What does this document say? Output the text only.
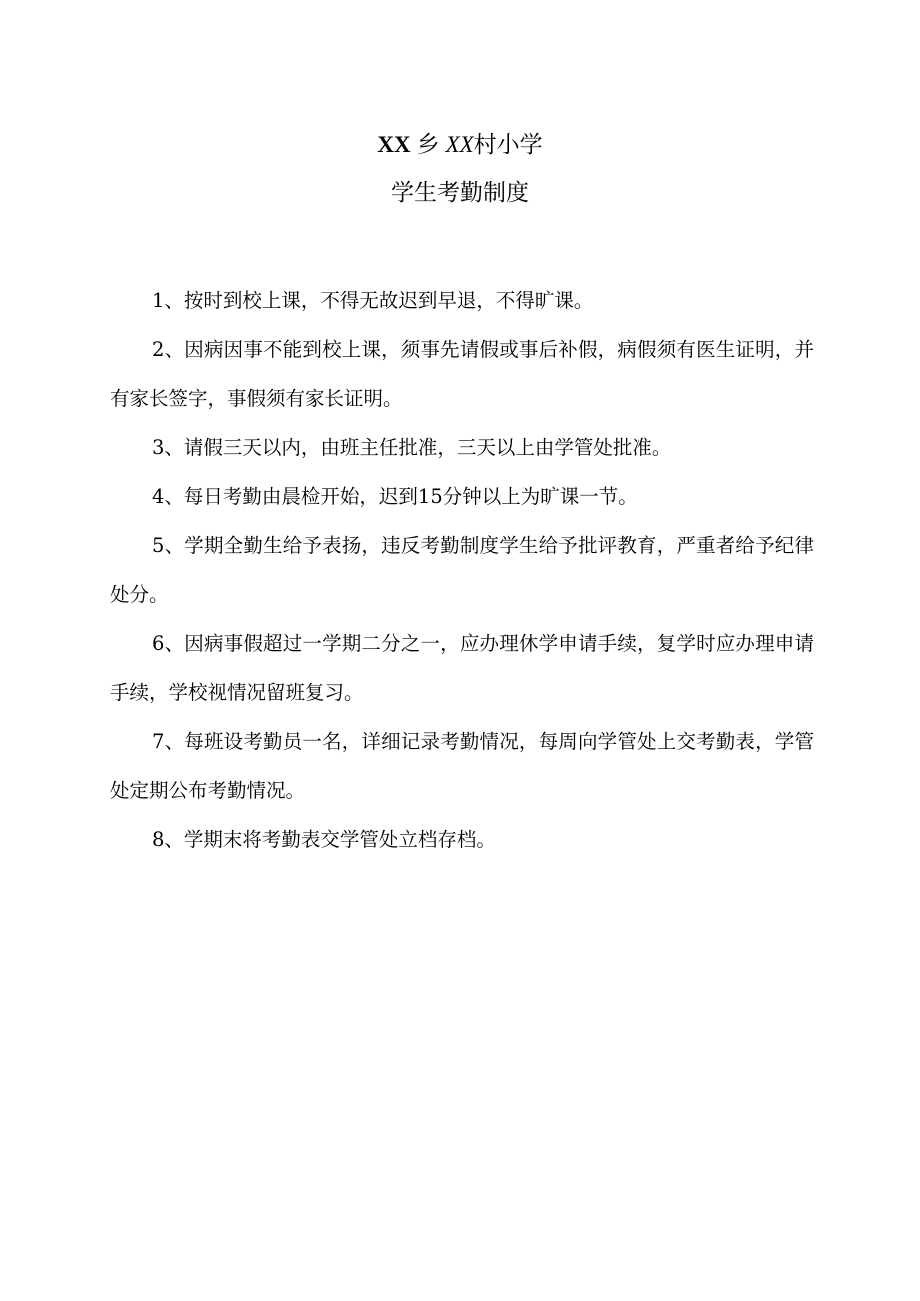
XX 乡 XX村小学
学生考勤制度

1、按时到校上课，不得无故迟到早退，不得旷课。

2、因病因事不能到校上课，须事先请假或事后补假，病假须有医生证明，并有家长签字，事假须有家长证明。

3、请假三天以内，由班主任批准，三天以上由学管处批准。

4、每日考勤由晨检开始，迟到15分钟以上为旷课一节。

5、学期全勤生给予表扬，违反考勤制度学生给予批评教育，严重者给予纪律处分。

6、因病事假超过一学期二分之一，应办理休学申请手续，复学时应办理申请手续，学校视情况留班复习。

7、每班设考勤员一名，详细记录考勤情况，每周向学管处上交考勤表，学管处定期公布考勤情况。

8、学期末将考勤表交学管处立档存档。
